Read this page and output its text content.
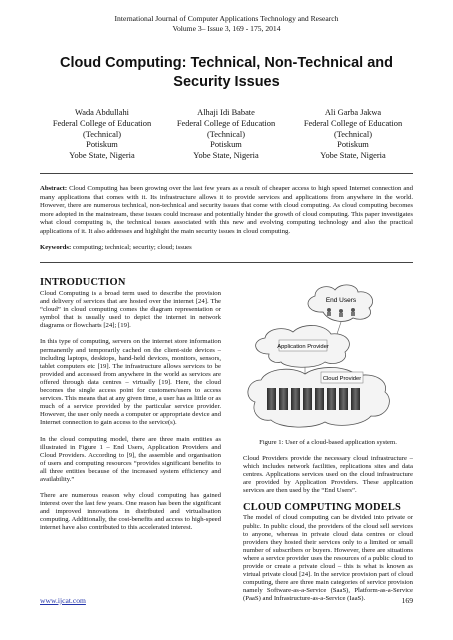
International Journal of Computer Applications Technology and Research
Volume 3– Issue 3, 169 - 175, 2014
Cloud Computing: Technical, Non-Technical and Security Issues
Wada Abdullahi
Federal College of Education
(Technical)
Potiskum
Yobe State, Nigeria
Alhaji Idi Babate
Federal College of Education
(Technical)
Potiskum
Yobe State, Nigeria
Ali Garba Jakwa
Federal College of Education
(Technical)
Potiskum
Yobe State, Nigeria
Abstract: Cloud Computing has been growing over the last few years as a result of cheaper access to high speed Internet connection and many applications that comes with it. Its infrastructure allows it to provide services and applications from anywhere in the world. However, there are numerous technical, non-technical and security issues that come with cloud computing. As cloud computing becomes more adopted in the mainstream, these issues could increase and potentially hinder the growth of cloud computing. This paper investigates what cloud computing is, the technical issues associated with this new and evolving computing technology and also the practical applications of it. It also addresses and highlight the main security issues in cloud computing.
Keywords: computing; technical; security; cloud; issues
INTRODUCTION
Cloud Computing is a broad term used to describe the provision and delivery of services that are hosted over the internet [24]. The “cloud” in cloud computing comes the diagram representation or symbol that is usually used to depict the internet in network diagrams or flowcharts [24]; [19].
In this type of computing, servers on the internet store information permanently and temporarily cached on the client-side devices – including laptops, desktops, hand-held devices, monitors, sensors, tablet computers etc [19]. The infrastructure allows services to be provided and accessed from anywhere in the world as services are offered through data centres – virtually [19]. Here, the cloud becomes the single access point for customers/users to access services. This means that at any given time, a user has as little or as much of a service provided by the particular service provider. However, the user only needs a computer or appropriate device and Internet connection to gain access to the service(s).
In the cloud computing model, there are three main entities as illustrated in Figure 1 – End Users, Application Providers and Cloud Providers. According to [9], the assemble and organisation of users and computing resources “provides significant benefits to all three entities because of the increased system efficiency and availability.”
There are numerous reason why cloud computing has gained interest over the last few years. One reason has been the significant and improved innovations in distributed and virtualisation computing. Additionally, the cost-benefits and access to high-speed internet have also contributed to this accelerated interest.
End Users
Application Provider
Cloud Provider
Figure 1: User of a cloud-based application system.
Cloud Providers provide the necessary cloud infrastructure – which includes network facilities, replications sites and data centres. Applications services used on the cloud infrastructure are provided by Application Providers. These application services are then used by the “End Users”.
CLOUD COMPUTING MODELS
The model of cloud computing can be divided into private or public. In public cloud, the providers of the cloud sell services to anyone, whereas in private cloud data centres or cloud providers they hosted their services only to a limited or small number of subscribers or buyers. However, there are situations where a service provider uses the resources of a public cloud to provide or create a private cloud – this is what is known as virtual private cloud [24]. In the service provision part of cloud computing, there are three main categories of service provision namely Software-as-a-Service (SaaS), Platform-as-a-Service (PaaS) and Infrastructure-as-a-Service (IaaS).
www.ijcat.com	169
